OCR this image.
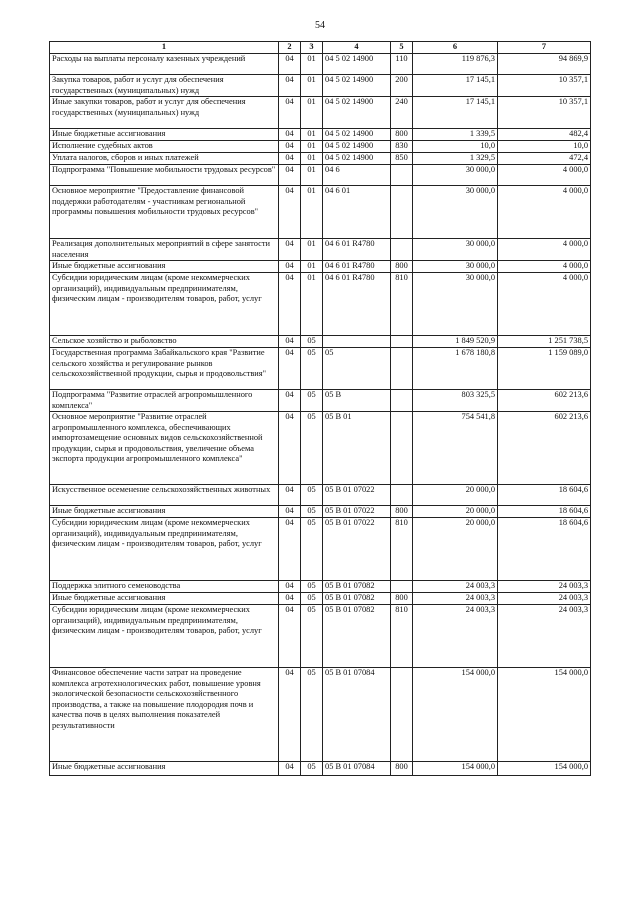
54
1	2	3	4	5	6	7
Расходы на выплаты персоналу казенных учреждений	04	01	04 5 02 14900	110	119 876,3	94 869,9
Закупка товаров, работ и услуг для обеспечения государственных (муниципальных) нужд	04	01	04 5 02 14900	200	17 145,1	10 357,1
Иные закупки товаров, работ и услуг для обеспечения государственных (муниципальных) нужд	04	01	04 5 02 14900	240	17 145,1	10 357,1
Иные бюджетные ассигнования	04	01	04 5 02 14900	800	1 339,5	482,4
Исполнение судебных актов	04	01	04 5 02 14900	830	10,0	10,0
Уплата налогов, сборов и иных платежей	04	01	04 5 02 14900	850	1 329,5	472,4
Подпрограмма "Повышение мобильности трудовых ресурсов"	04	01	04 6		30 000,0	4 000,0
Основное мероприятие "Предоставление финансовой поддержки работодателям - участникам региональной программы повышения мобильности трудовых ресурсов"	04	01	04 6 01		30 000,0	4 000,0
Реализация дополнительных мероприятий в сфере занятости населения	04	01	04 6 01 R4780		30 000,0	4 000,0
Иные бюджетные ассигнования	04	01	04 6 01 R4780	800	30 000,0	4 000,0
Субсидии юридическим лицам (кроме некоммерческих организаций), индивидуальным предпринимателям, физическим лицам - производителям товаров, работ, услуг	04	01	04 6 01 R4780	810	30 000,0	4 000,0
Сельское хозяйство и рыболовство	04	05			1 849 520,9	1 251 738,5
Государственная программа Забайкальского края "Развитие сельского хозяйства и регулирование рынков сельскохозяйственной продукции, сырья и продовольствия"	04	05	05		1 678 180,8	1 159 089,0
Подпрограмма "Развитие отраслей агропромышленного комплекса"	04	05	05 В		803 325,5	602 213,6
Основное мероприятие "Развитие отраслей агропромышленного комплекса, обеспечивающих импортозамещение основных видов сельскохозяйственной продукции, сырья и продовольствия, увеличение объема экспорта продукции агропромышленного комплекса"	04	05	05 В 01		754 541,8	602 213,6
Искусственное осеменение сельскохозяйственных животных	04	05	05 В 01 07022		20 000,0	18 604,6
Иные бюджетные ассигнования	04	05	05 В 01 07022	800	20 000,0	18 604,6
Субсидии юридическим лицам (кроме некоммерческих организаций), индивидуальным предпринимателям, физическим лицам - производителям товаров, работ, услуг	04	05	05 В 01 07022	810	20 000,0	18 604,6
Поддержка элитного семеноводства	04	05	05 В 01 07082		24 003,3	24 003,3
Иные бюджетные ассигнования	04	05	05 В 01 07082	800	24 003,3	24 003,3
Субсидии юридическим лицам (кроме некоммерческих организаций), индивидуальным предпринимателям, физическим лицам - производителям товаров, работ, услуг	04	05	05 В 01 07082	810	24 003,3	24 003,3
Финансовое обеспечение части затрат на проведение комплекса агротехнологических работ, повышение уровня экологической безопасности сельскохозяйственного производства, а также на повышение плодородия почв и качества почв в целях выполнения показателей результативности	04	05	05 В 01 07084		154 000,0	154 000,0
Иные бюджетные ассигнования	04	05	05 В 01 07084	800	154 000,0	154 000,0
